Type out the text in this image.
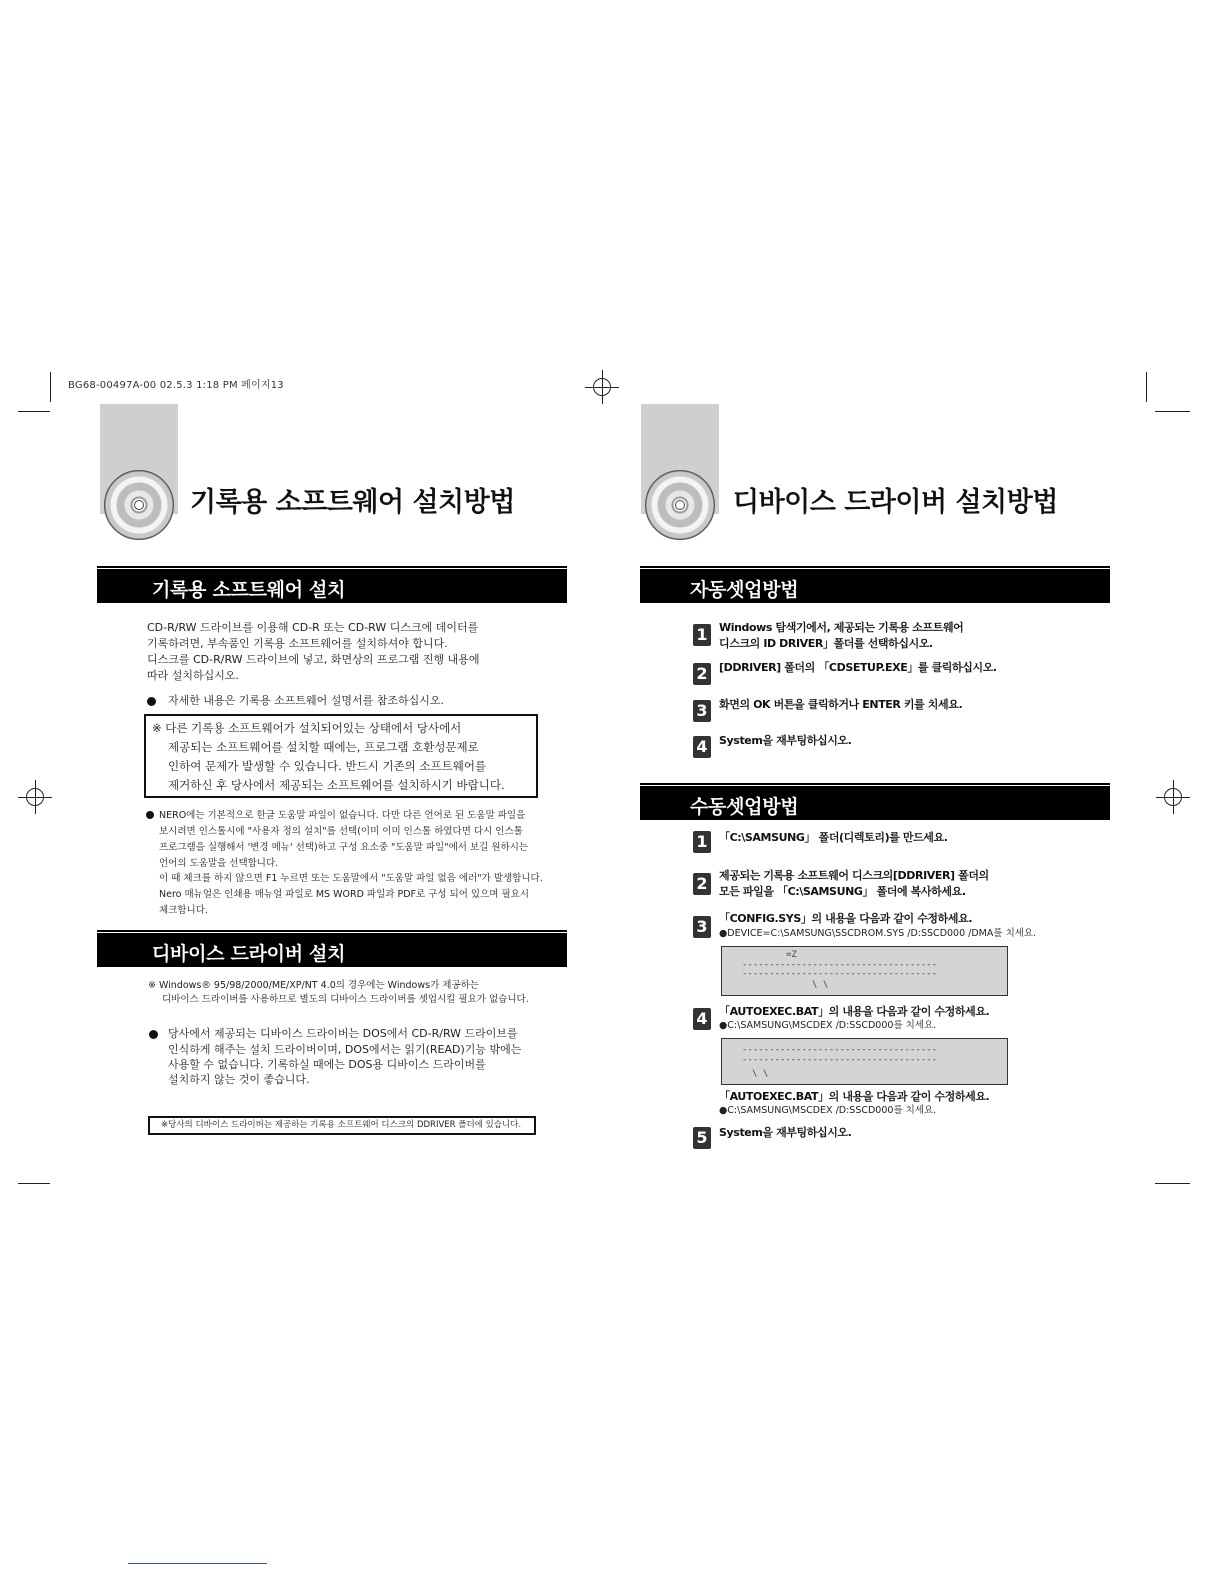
BG68-00497A-00 02.5.3 1:18 PM 페이지13
기록용 소프트웨어 설치방법
기록용 소프트웨어 설치
CD-R/RW 드라이브를 이용해 CD-R 또는 CD-RW 디스크에 데이터를
기록하려면, 부속품인 기록용 소프트웨어를 설치하셔야 합니다.
디스크를 CD-R/RW 드라이브에 넣고, 화면상의 프로그램 진행 내용에
따라 설치하십시오.
자세한 내용은 기록용 소프트웨어 설명서를 참조하십시오.
※ 다른 기록용 소프트웨어가 설치되어있는 상태에서 당사에서
제공되는 소프트웨어를 설치할 때에는, 프로그램 호환성문제로
인하여 문제가 발생할 수 있습니다. 반드시 기존의 소프트웨어를
제거하신 후 당사에서 제공되는 소프트웨어를 설치하시기 바랍니다.
NERO에는 기본적으로 한글 도움말 파일이 없습니다. 다만 다른 언어로 된 도움말 파일을
보시려면 인스톨시에 "사용자 정의 설치"를 선택(이미 이미 인스톨 하였다면 다시 인스톨
프로그램을 실행해서 '변경 메뉴' 선택)하고 구성 요소중 "도움말 파일"에서 보길 원하시는
언어의 도움말을 선택합니다.
이 때 체크를 하지 않으면 F1 누르면 또는 도움말에서 "도움말 파일 없음 에러"가 발생합니다.
Nero 매뉴얼은 인쇄용 매뉴얼 파일로 MS WORD 파일과 PDF로 구성 되어 있으며 필요시
체크합니다.
디바이스 드라이버 설치
※ Windows® 95/98/2000/ME/XP/NT 4.0의 경우에는 Windows가 제공하는
디바이스 드라이버를 사용하므로 별도의 디바이스 드라이버를 셋업시킬 필요가 없습니다.
당사에서 제공되는 디바이스 드라이버는 DOS에서 CD-R/RW 드라이브를
인식하게 해주는 설치 드라이버이며, DOS에서는 읽기(READ)기능 밖에는
사용할 수 없습니다. 기록하실 때에는 DOS용 디바이스 드라이버를
설치하지 않는 것이 좋습니다.
※당사의 디바이스 드라이버는 제공하는 기록용 소프트웨어 디스크의 DDRIVER 폴더에 있습니다.
디바이스 드라이버 설치방법
자동셋업방법
1	Windows 탐색기에서, 제공되는 기록용 소프트웨어
디스크의 ID DRIVER」폴더를 선택하십시오.
2	[DDRIVER] 폴더의 「CDSETUP.EXE」를 클릭하십시오.
3	화면의 OK 버튼을 클릭하거나 ENTER 키를 치세요.
4	System을 재부팅하십시오.
수동셋업방법
1	「C:\SAMSUNG」 폴더(디렉토리)를 만드세요.
2	제공되는 기록용 소프트웨어 디스크의[DDRIVER] 폴더의
모든 파일을 「C:\SAMSUNG」 폴더에 복사하세요.
3	「CONFIG.SYS」의 내용을 다음과 같이 수정하세요.
●DEVICE=C:\SAMSUNG\SSCDROM.SYS /D:SSCD000 /DMA를 치세요.
=Z
------------------------------------
------------------------------------
\ \
4	「AUTOEXEC.BAT」의 내용을 다음과 같이 수정하세요.
●C:\SAMSUNG\MSCDEX /D:SSCD000를 치세요.
------------------------------------
------------------------------------
\ \
「AUTOEXEC.BAT」의 내용을 다음과 같이 수정하세요.
●C:\SAMSUNG\MSCDEX /D:SSCD000를 치세요.
5	System을 재부팅하십시오.
